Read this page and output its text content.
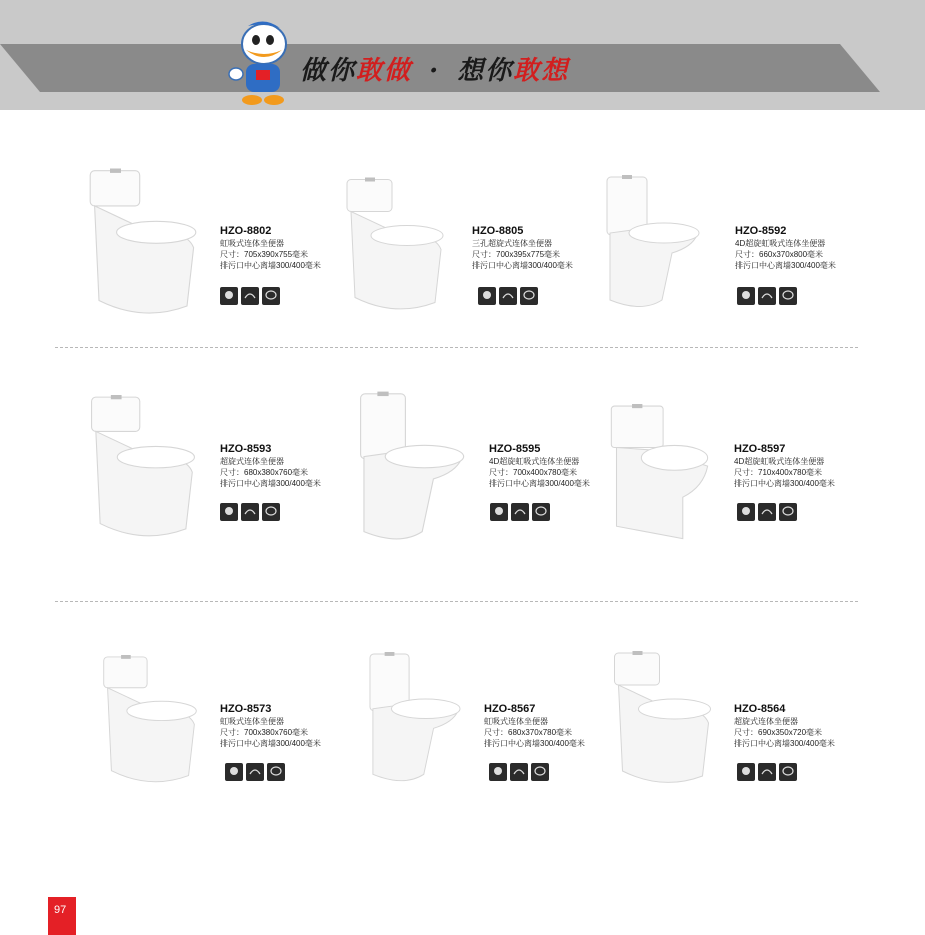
做你敢做 · 想你敢想
HZO-8802
虹吸式连体坐便器
尺寸：705x390x755毫米
排污口中心离墙300/400毫米
HZO-8805
三孔超旋式连体坐便器
尺寸：700x395x775毫米
排污口中心离墙300/400毫米
HZO-8592
4D超旋虹吸式连体坐便器
尺寸：660x370x800毫米
排污口中心离墙300/400毫米
HZO-8593
超旋式连体坐便器
尺寸：680x380x760毫米
排污口中心离墙300/400毫米
HZO-8595
4D超旋虹吸式连体坐便器
尺寸：700x400x780毫米
排污口中心离墙300/400毫米
HZO-8597
4D超旋虹吸式连体坐便器
尺寸：710x400x780毫米
排污口中心离墙300/400毫米
HZO-8573
虹吸式连体坐便器
尺寸：700x380x760毫米
排污口中心离墙300/400毫米
HZO-8567
虹吸式连体坐便器
尺寸：680x370x780毫米
排污口中心离墙300/400毫米
HZO-8564
超旋式连体坐便器
尺寸：690x350x720毫米
排污口中心离墙300/400毫米
97
